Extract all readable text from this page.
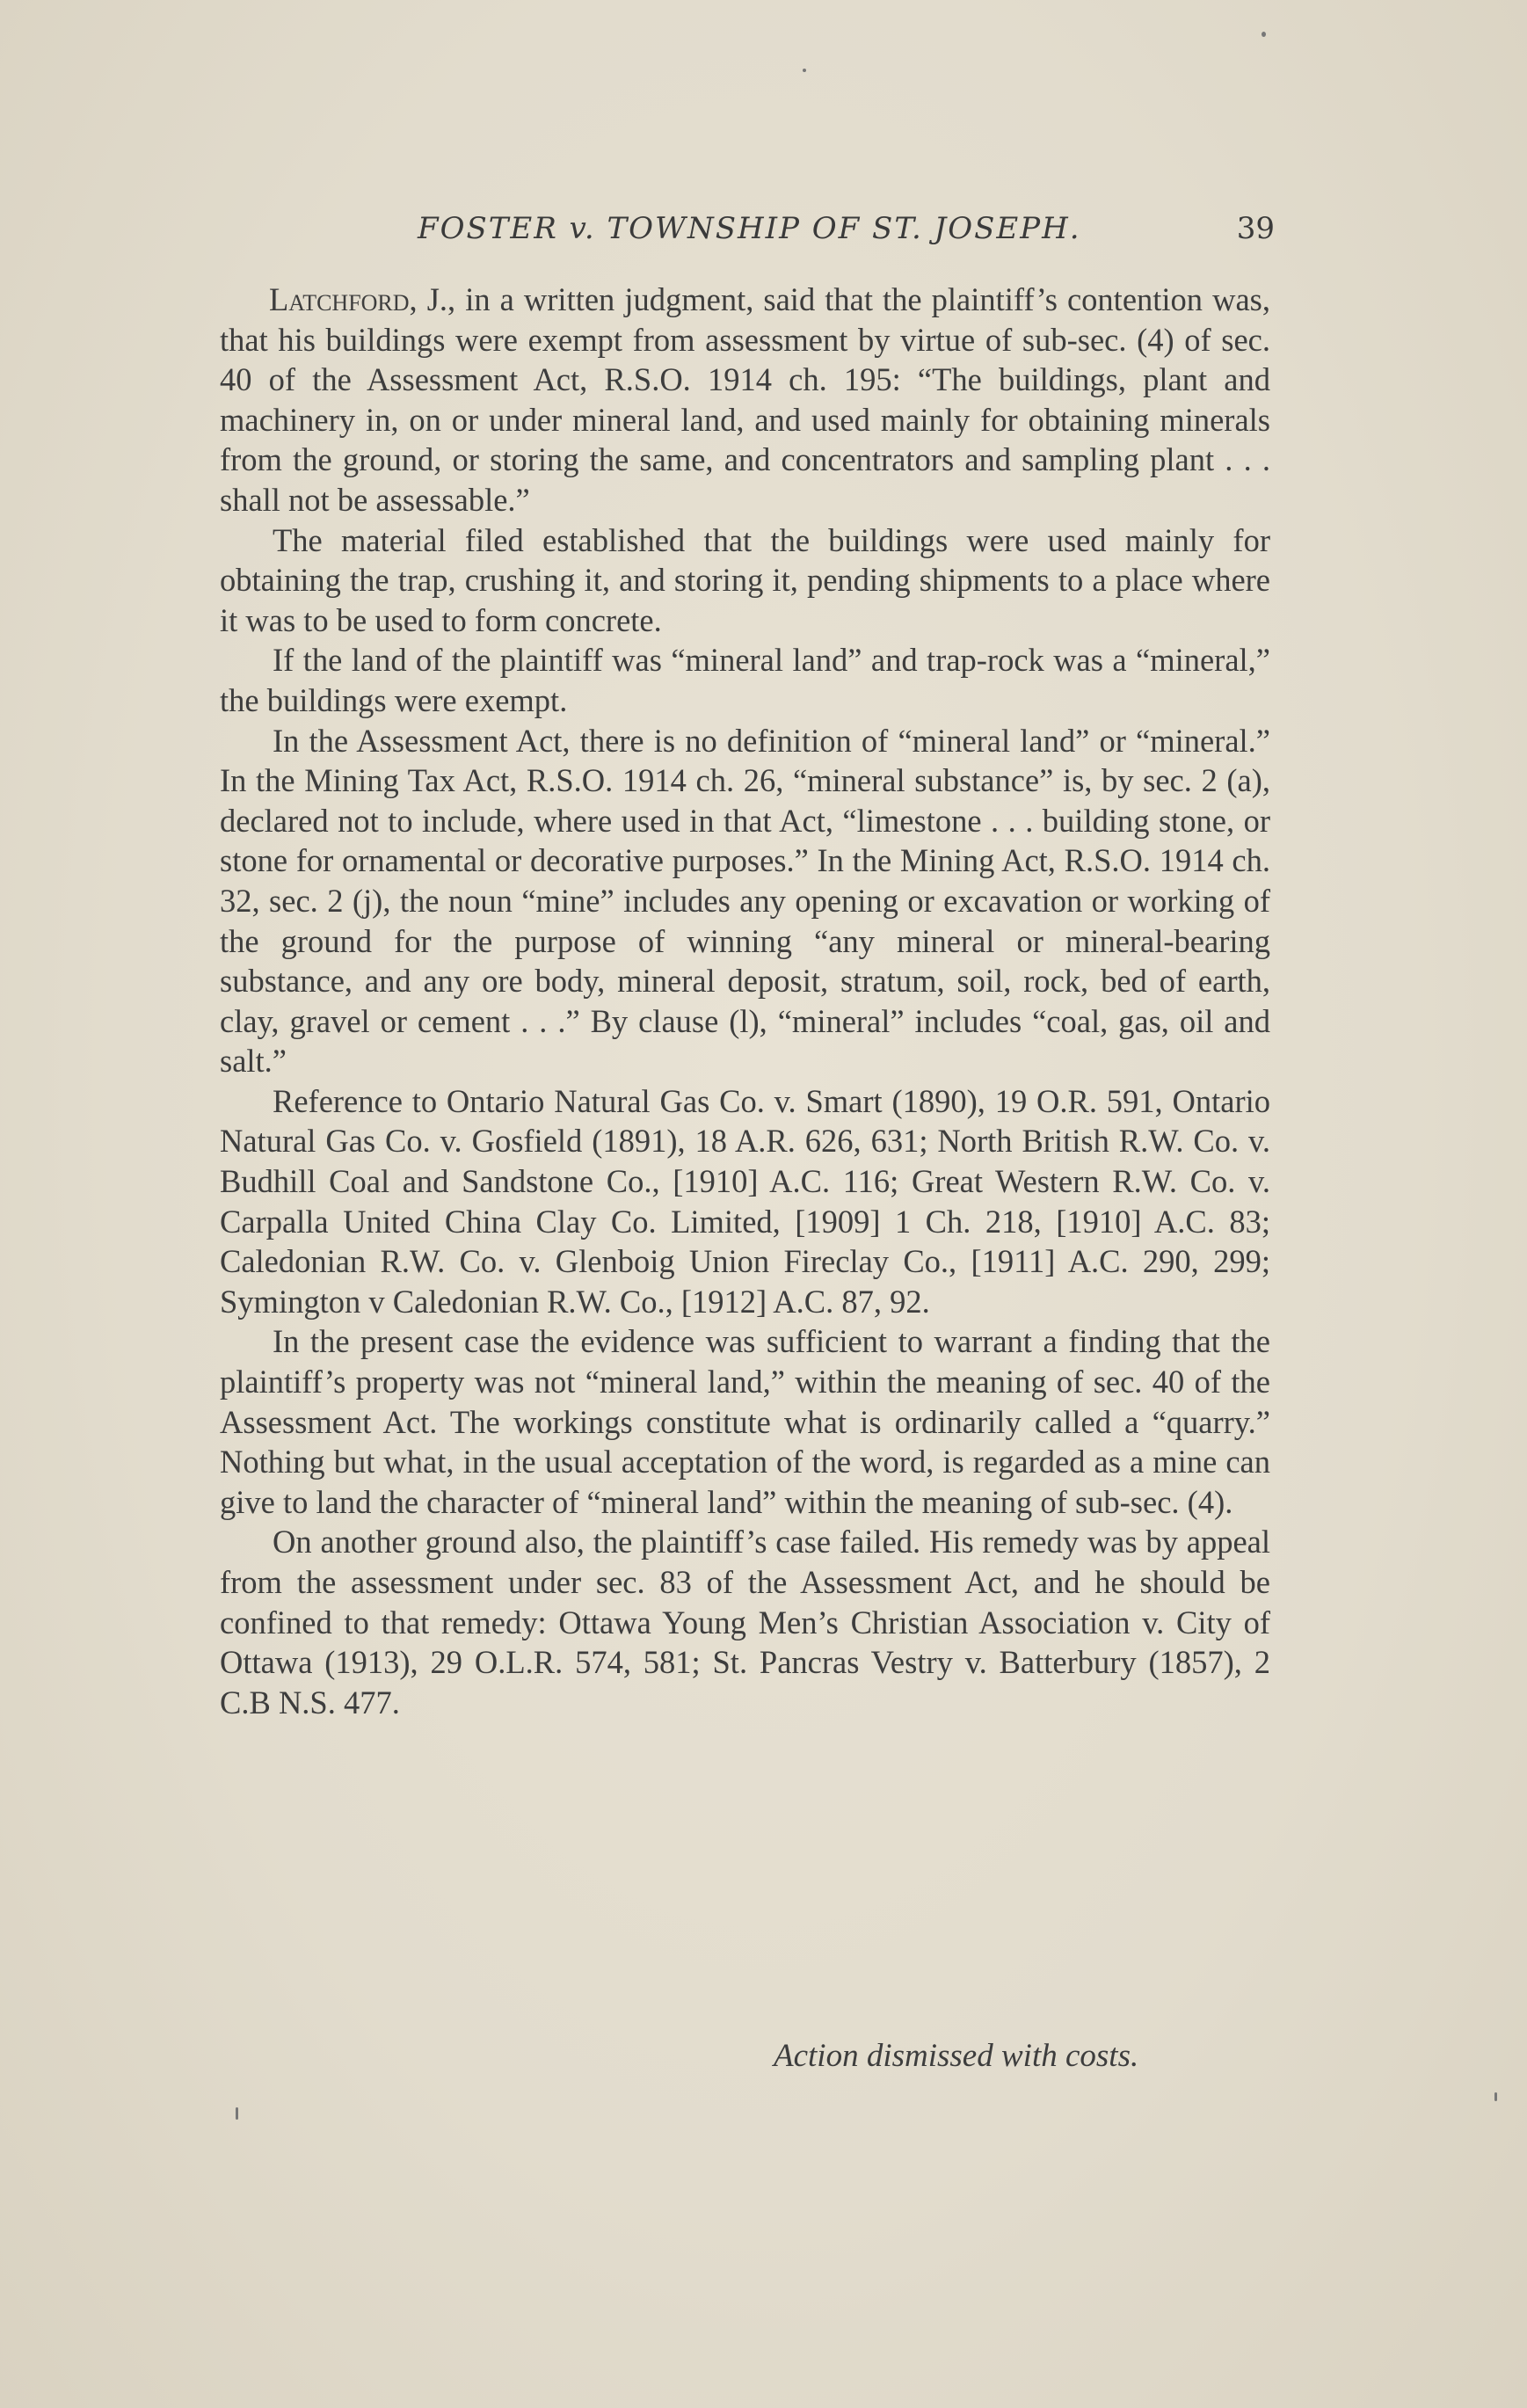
FOSTER v. TOWNSHIP OF ST. JOSEPH.	39

Latchford, J., in a written judgment, said that the plaintiff’s contention was, that his buildings were exempt from assessment by virtue of sub-sec. (4) of sec. 40 of the Assessment Act, R.S.O. 1914 ch. 195: “The buildings, plant and machinery in, on or under mineral land, and used mainly for obtaining minerals from the ground, or storing the same, and concentrators and sampling plant . . . shall not be assessable.”

The material filed established that the buildings were used mainly for obtaining the trap, crushing it, and storing it, pending shipments to a place where it was to be used to form concrete.

If the land of the plaintiff was “mineral land” and trap-rock was a “mineral,” the buildings were exempt.

In the Assessment Act, there is no definition of “mineral land” or “mineral.” In the Mining Tax Act, R.S.O. 1914 ch. 26, “mineral substance” is, by sec. 2 (a), declared not to include, where used in that Act, “limestone . . . building stone, or stone for ornamental or decorative purposes.” In the Mining Act, R.S.O. 1914 ch. 32, sec. 2 (j), the noun “mine” includes any opening or excavation or working of the ground for the purpose of winning “any mineral or mineral-bearing substance, and any ore body, mineral deposit, stratum, soil, rock, bed of earth, clay, gravel or cement . . .” By clause (l), “mineral” includes “coal, gas, oil and salt.”

Reference to Ontario Natural Gas Co. v. Smart (1890), 19 O.R. 591, Ontario Natural Gas Co. v. Gosfield (1891), 18 A.R. 626, 631; North British R.W. Co. v. Budhill Coal and Sandstone Co., [1910] A.C. 116; Great Western R.W. Co. v. Carpalla United China Clay Co. Limited, [1909] 1 Ch. 218, [1910] A.C. 83; Caledonian R.W. Co. v. Glenboig Union Fireclay Co., [1911] A.C. 290, 299; Symington v Caledonian R.W. Co., [1912] A.C. 87, 92.

In the present case the evidence was sufficient to warrant a finding that the plaintiff’s property was not “mineral land,” within the meaning of sec. 40 of the Assessment Act. The workings constitute what is ordinarily called a “quarry.” Nothing but what, in the usual acceptation of the word, is regarded as a mine can give to land the character of “mineral land” within the meaning of sub-sec. (4).

On another ground also, the plaintiff’s case failed. His remedy was by appeal from the assessment under sec. 83 of the Assessment Act, and he should be confined to that remedy: Ottawa Young Men’s Christian Association v. City of Ottawa (1913), 29 O.L.R. 574, 581; St. Pancras Vestry v. Batterbury (1857), 2 C.B N.S. 477.

Action dismissed with costs.
